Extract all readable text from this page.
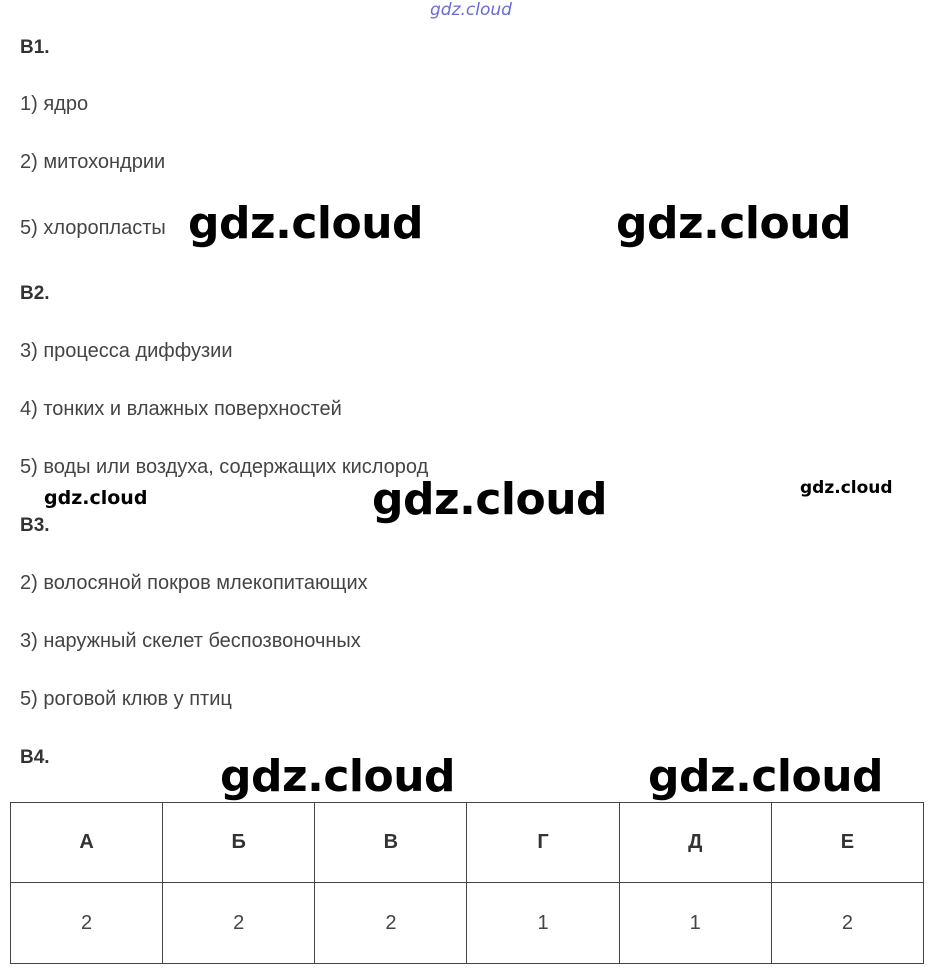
gdz.cloud
В1.
1) ядро
2) митохондрии
5) хлоропласты
В2.
3) процесса диффузии
4) тонких и влажных поверхностей
5) воды или воздуха, содержащих кислород
В3.
2) волосяной покров млекопитающих
3) наружный скелет беспозвоночных
5) роговой клюв у птиц
В4.
А	Б	В	Г	Д	Е
2	2	2	1	1	2
gdz.cloud	gdz.cloud
gdz.cloud	gdz.cloud	gdz.cloud
gdz.cloud	gdz.cloud
